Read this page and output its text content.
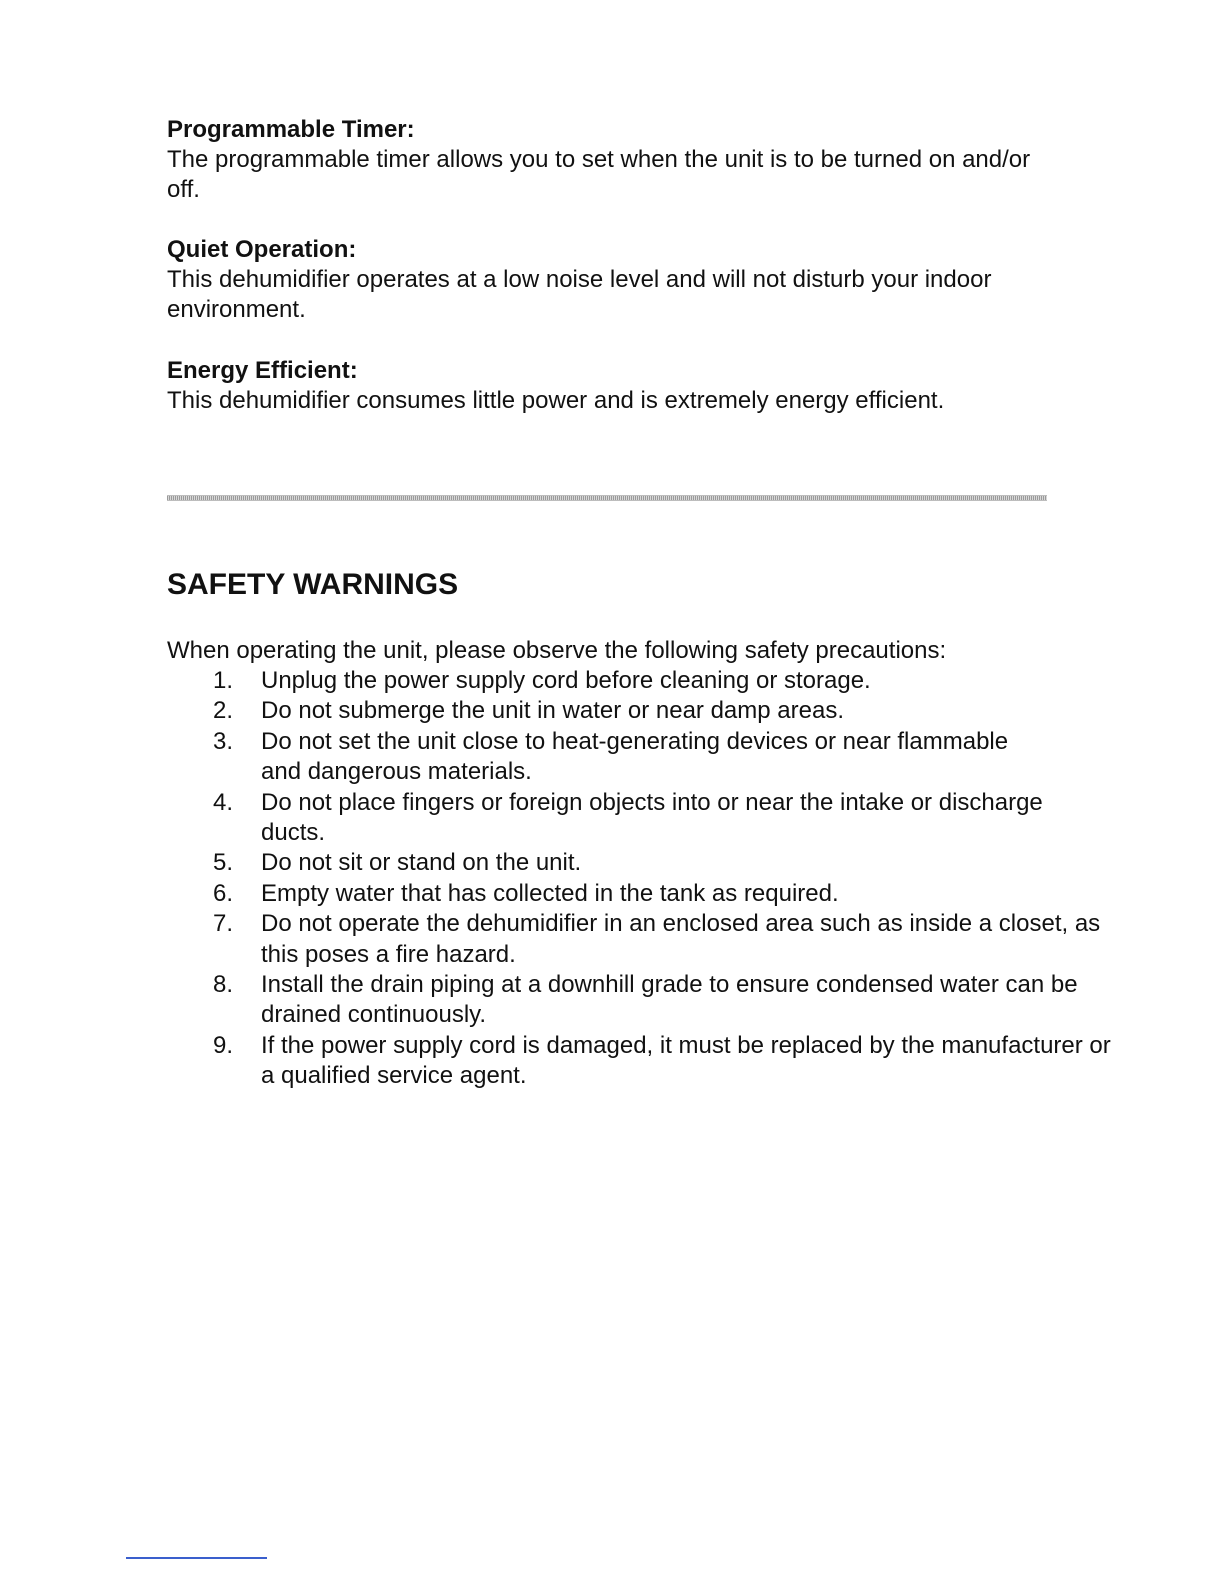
Programmable Timer:

The programmable timer allows you to set when the unit is to be turned on and/or off.

Quiet Operation:

This dehumidifier operates at a low noise level and will not disturb your indoor environment.

Energy Efficient:

This dehumidifier consumes little power and is extremely energy efficient.

SAFETY WARNINGS

When operating the unit, please observe the following safety precautions:

1. Unplug the power supply cord before cleaning or storage.
2. Do not submerge the unit in water or near damp areas.
3. Do not set the unit close to heat-generating devices or near flammable and dangerous materials.
4. Do not place fingers or foreign objects into or near the intake or discharge ducts.
5. Do not sit or stand on the unit.
6. Empty water that has collected in the tank as required.
7. Do not operate the dehumidifier in an enclosed area such as inside a closet, as this poses a fire hazard.
8. Install the drain piping at a downhill grade to ensure condensed water can be drained continuously.
9. If the power supply cord is damaged, it must be replaced by the manufacturer or a qualified service agent.
